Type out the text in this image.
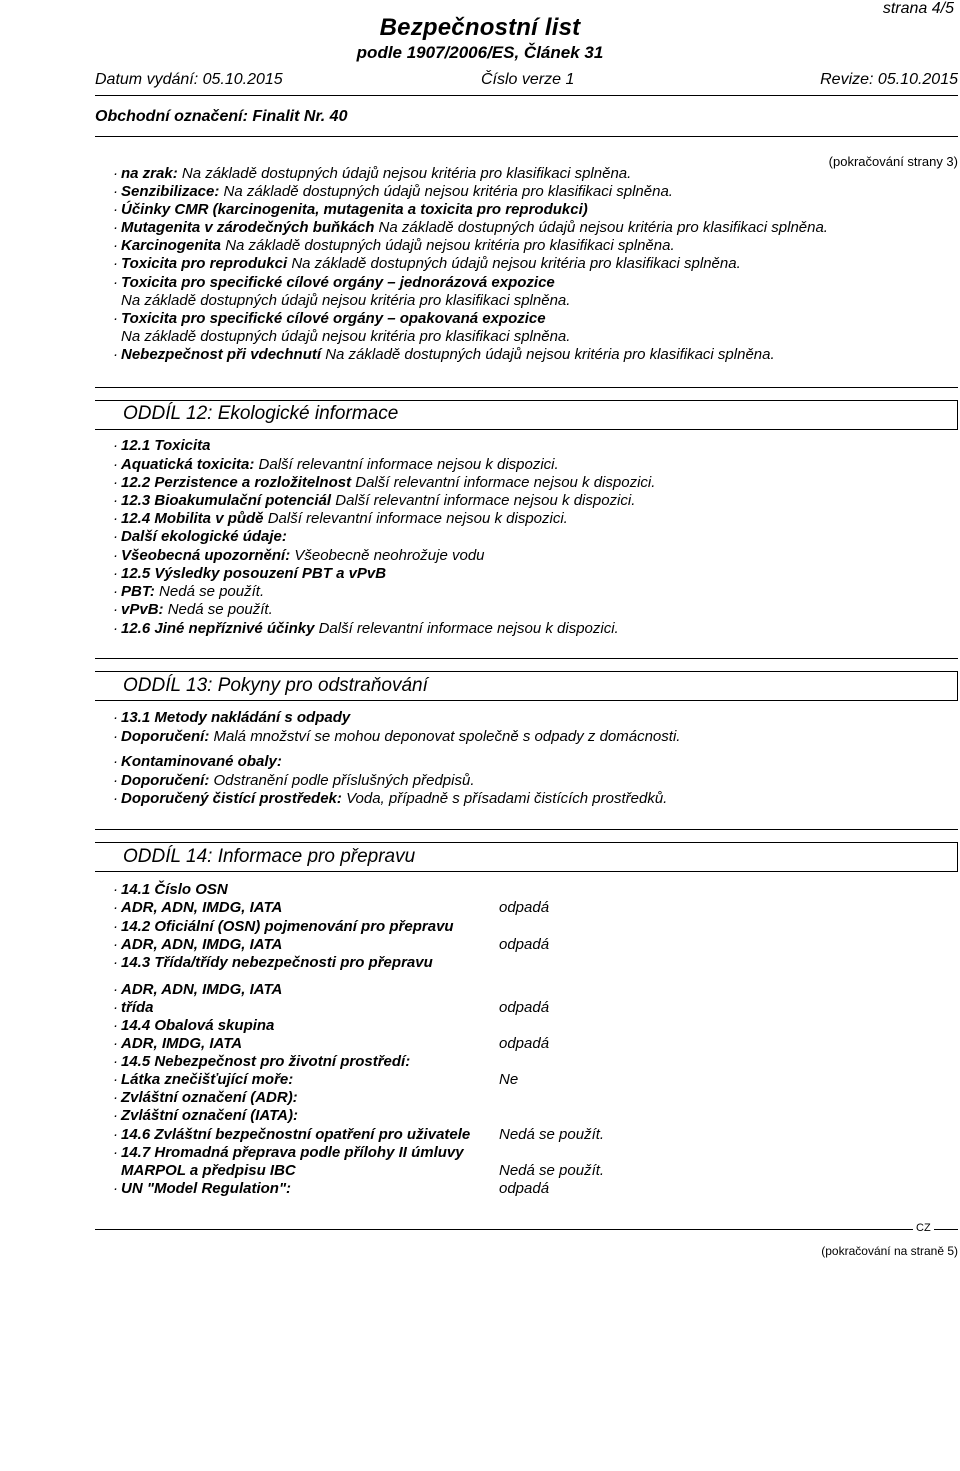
strana 4/5
Bezpečnostní list
podle 1907/2006/ES, Článek 31
Datum vydání: 05.10.2015	Číslo verze 1	Revize: 05.10.2015
Obchodní označení: Finalit Nr. 40
(pokračování strany 3)
· na zrak: Na základě dostupných údajů nejsou kritéria pro klasifikaci splněna.
· Senzibilizace: Na základě dostupných údajů nejsou kritéria pro klasifikaci splněna.
· Účinky CMR (karcinogenita, mutagenita a toxicita pro reprodukci)
· Mutagenita v zárodečných buňkách Na základě dostupných údajů nejsou kritéria pro klasifikaci splněna.
· Karcinogenita Na základě dostupných údajů nejsou kritéria pro klasifikaci splněna.
· Toxicita pro reprodukci Na základě dostupných údajů nejsou kritéria pro klasifikaci splněna.
· Toxicita pro specifické cílové orgány – jednorázová expozice
Na základě dostupných údajů nejsou kritéria pro klasifikaci splněna.
· Toxicita pro specifické cílové orgány – opakovaná expozice
Na základě dostupných údajů nejsou kritéria pro klasifikaci splněna.
· Nebezpečnost při vdechnutí Na základě dostupných údajů nejsou kritéria pro klasifikaci splněna.
ODDÍL 12: Ekologické informace
· 12.1 Toxicita
· Aquatická toxicita: Další relevantní informace nejsou k dispozici.
· 12.2 Perzistence a rozložitelnost Další relevantní informace nejsou k dispozici.
· 12.3 Bioakumulační potenciál Další relevantní informace nejsou k dispozici.
· 12.4 Mobilita v půdě Další relevantní informace nejsou k dispozici.
· Další ekologické údaje:
· Všeobecná upozornění: Všeobecně neohrožuje vodu
· 12.5 Výsledky posouzení PBT a vPvB
· PBT: Nedá se použít.
· vPvB: Nedá se použít.
· 12.6 Jiné nepříznivé účinky Další relevantní informace nejsou k dispozici.
ODDÍL 13: Pokyny pro odstraňování
· 13.1 Metody nakládání s odpady
· Doporučení: Malá množství se mohou deponovat společně s odpady z domácnosti.
· Kontaminované obaly:
· Doporučení: Odstranění podle příslušných předpisů.
· Doporučený čistící prostředek: Voda, případně s přísadami čistících prostředků.
ODDÍL 14: Informace pro přepravu
· 14.1 Číslo OSN
· ADR, ADN, IMDG, IATA	odpadá
· 14.2 Oficiální (OSN) pojmenování pro přepravu
· ADR, ADN, IMDG, IATA	odpadá
· 14.3 Třída/třídy nebezpečnosti pro přepravu
· ADR, ADN, IMDG, IATA
· třída	odpadá
· 14.4 Obalová skupina
· ADR, IMDG, IATA	odpadá
· 14.5 Nebezpečnost pro životní prostředí:
· Látka znečišťující moře:	Ne
· Zvláštní označení (ADR):
· Zvláštní označení (IATA):
· 14.6 Zvláštní bezpečnostní opatření pro uživatele Nedá se použít.
· 14.7 Hromadná přeprava podle přílohy II úmluvy
MARPOL a předpisu IBC	Nedá se použít.
· UN "Model Regulation":	odpadá
CZ
(pokračování na straně 5)
